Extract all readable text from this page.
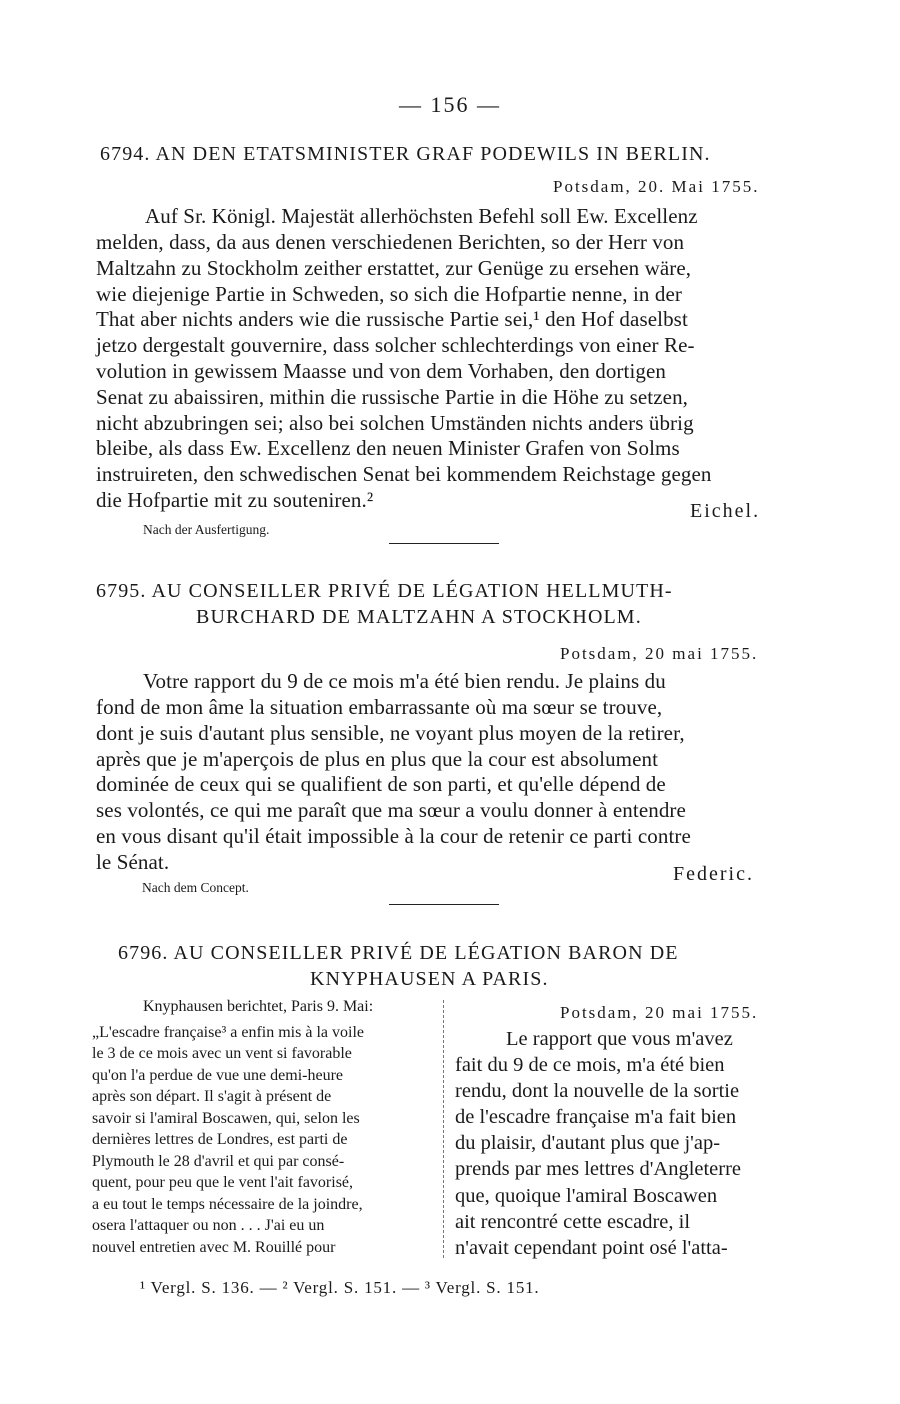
— 156 —
6794. AN DEN ETATSMINISTER GRAF PODEWILS IN BERLIN.
Potsdam, 20. Mai 1755.
Auf Sr. Königl. Majestät allerhöchsten Befehl soll Ew. Excellenz
melden, dass, da aus denen verschiedenen Berichten, so der Herr von
Maltzahn zu Stockholm zeither erstattet, zur Genüge zu ersehen wäre,
wie diejenige Partie in Schweden, so sich die Hofpartie nenne, in der
That aber nichts anders wie die russische Partie sei,¹ den Hof daselbst
jetzo dergestalt gouvernire, dass solcher schlechterdings von einer Re-
volution in gewissem Maasse und von dem Vorhaben, den dortigen
Senat zu abaissiren, mithin die russische Partie in die Höhe zu setzen,
nicht abzubringen sei; also bei solchen Umständen nichts anders übrig
bleibe, als dass Ew. Excellenz den neuen Minister Grafen von Solms
instruireten, den schwedischen Senat bei kommendem Reichstage gegen
die Hofpartie mit zu souteniren.²	Eichel.
Nach der Ausfertigung.
6795. AU CONSEILLER PRIVÉ DE LÉGATION HELLMUTH-
BURCHARD DE MALTZAHN A STOCKHOLM.
Potsdam, 20 mai 1755.
Votre rapport du 9 de ce mois m'a été bien rendu. Je plains du
fond de mon âme la situation embarrassante où ma sœur se trouve,
dont je suis d'autant plus sensible, ne voyant plus moyen de la retirer,
après que je m'aperçois de plus en plus que la cour est absolument
dominée de ceux qui se qualifient de son parti, et qu'elle dépend de
ses volontés, ce qui me paraît que ma sœur a voulu donner à entendre
en vous disant qu'il était impossible à la cour de retenir ce parti contre
le Sénat.	Federic.
Nach dem Concept.
6796. AU CONSEILLER PRIVÉ DE LÉGATION BARON DE
KNYPHAUSEN A PARIS.
Knyphausen berichtet, Paris 9. Mai:
„L'escadre française³ a enfin mis à la voile
le 3 de ce mois avec un vent si favorable
qu'on l'a perdue de vue une demi-heure
après son départ. Il s'agit à présent de
savoir si l'amiral Boscawen, qui, selon les
dernières lettres de Londres, est parti de
Plymouth le 28 d'avril et qui par consé-
quent, pour peu que le vent l'ait favorisé,
a eu tout le temps nécessaire de la joindre,
osera l'attaquer ou non . . . J'ai eu un
nouvel entretien avec M. Rouillé pour
Potsdam, 20 mai 1755.
Le rapport que vous m'avez
fait du 9 de ce mois, m'a été bien
rendu, dont la nouvelle de la sortie
de l'escadre française m'a fait bien
du plaisir, d'autant plus que j'ap-
prends par mes lettres d'Angleterre
que, quoique l'amiral Boscawen
ait rencontré cette escadre, il
n'avait cependant point osé l'atta-
¹ Vergl. S. 136. — ² Vergl. S. 151. — ³ Vergl. S. 151.
